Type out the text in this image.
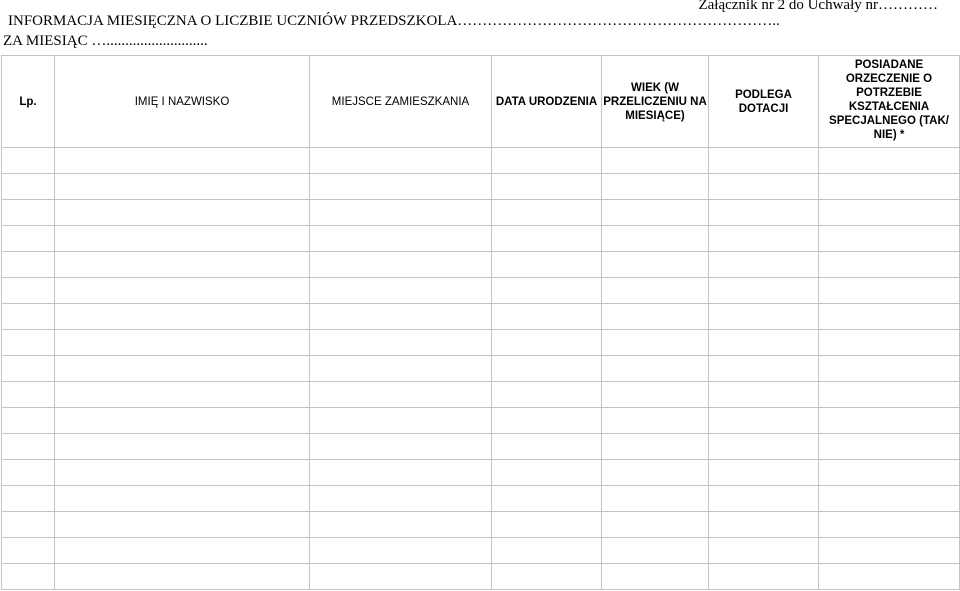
Załącznik nr 2 do Uchwały nr…………
INFORMACJA MIESIĘCZNA O LICZBIE UCZNIÓW PRZEDSZKOLA………………………………………………………..
ZA MIESIĄC …...........................
Lp.	IMIĘ I NAZWISKO	MIEJSCE ZAMIESZKANIA	DATA URODZENIA	WIEK (W PRZELICZENIU NA MIESIĄCE)	PODLEGA DOTACJI	POSIADANE ORZECZENIE O POTRZEBIE KSZTAŁCENIA SPECJALNEGO (TAK/ NIE) *
